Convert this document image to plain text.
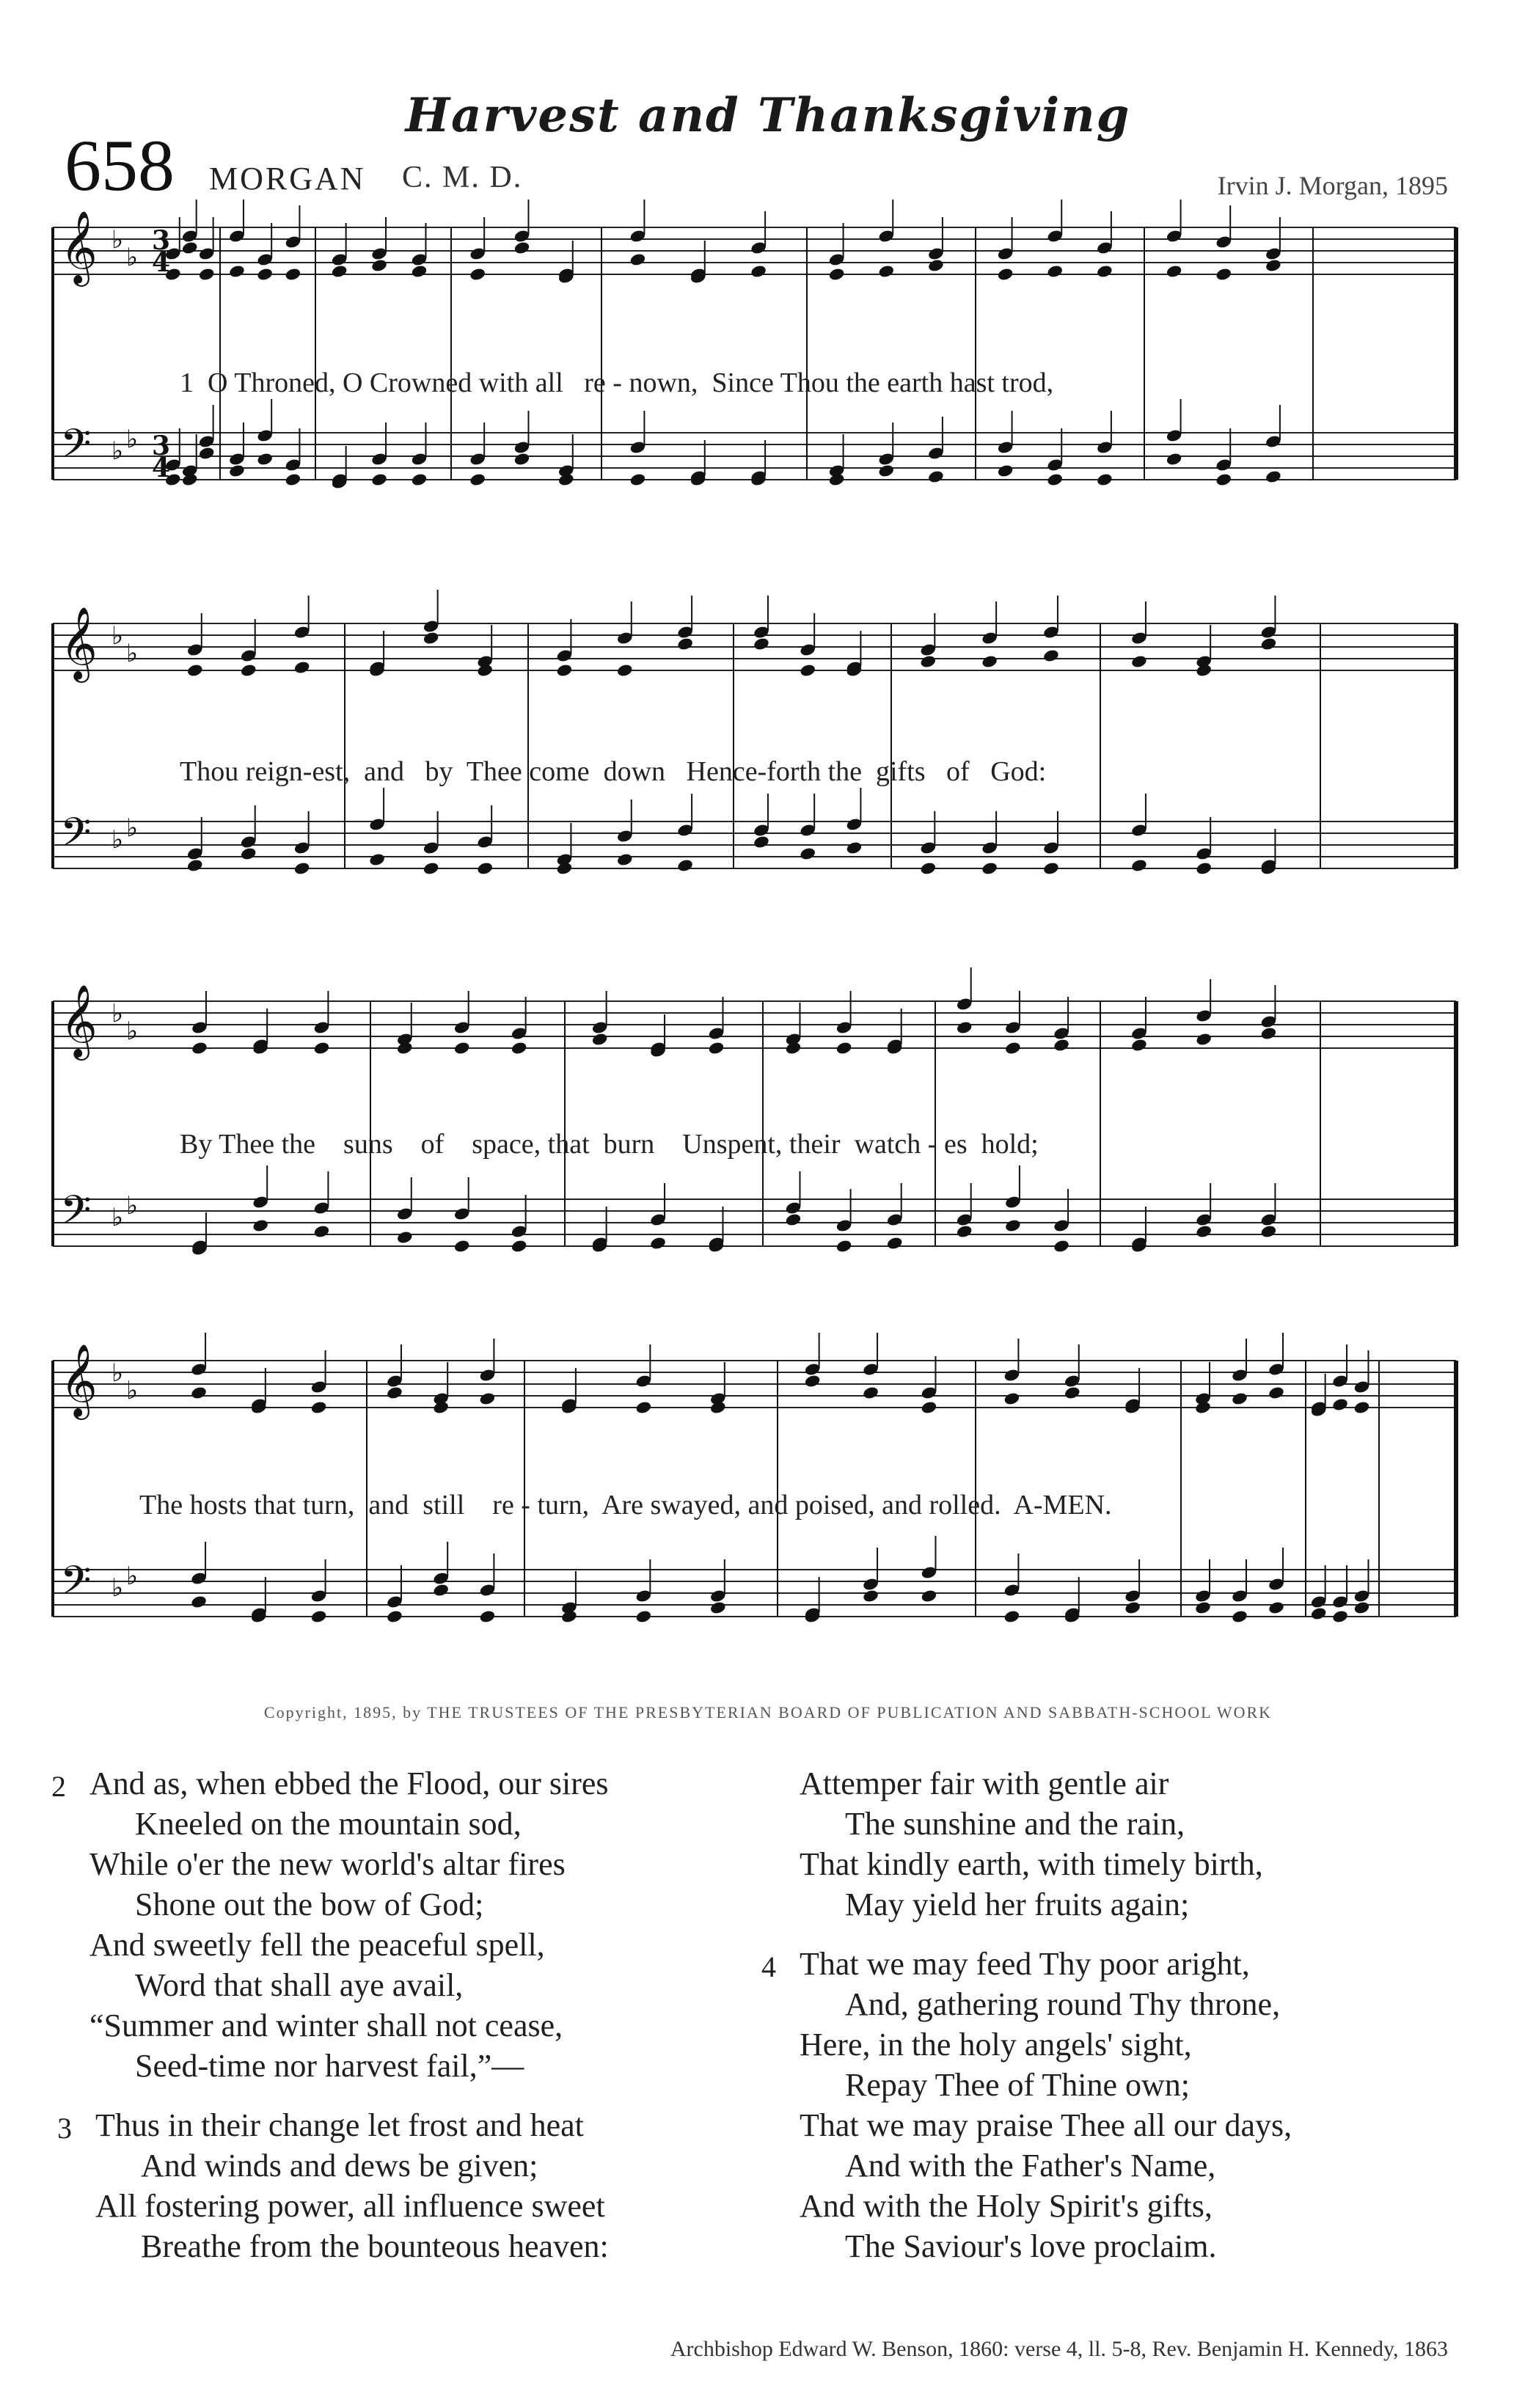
Harvest and Thanksgiving
658 MORGAN C. M. D.	Irvin J. Morgan, 1895
𝄞 ♭
♭
𝄢 ♭ ♭
3
3
4
4
𝄞 ♭
♭
𝄢 ♭ ♭
𝄞 ♭
♭
𝄢 ♭ ♭
𝄞 ♭
♭
𝄢 ♭ ♭
1  O Throned, O Crowned with all   re - nown,  Since Thou the earth hast trod,
Thou reign-est,  and   by  Thee come  down   Hence-forth the  gifts   of   God:
By Thee the    suns    of    space, that  burn    Unspent, their  watch - es  hold;
The hosts that turn,  and  still    re - turn,  Are swayed, and poised, and rolled.  A-MEN.
Copyright, 1895, by THE TRUSTEES OF THE PRESBYTERIAN BOARD OF PUBLICATION AND SABBATH-SCHOOL WORK
2 And as, when ebbed the Flood, our sires
Kneeled on the mountain sod,
While o'er the new world's altar fires
Shone out the bow of God;
And sweetly fell the peaceful spell,
Word that shall aye avail,
“Summer and winter shall not cease,
Seed-time nor harvest fail,”—
3 Thus in their change let frost and heat
And winds and dews be given;
All fostering power, all influence sweet
Breathe from the bounteous heaven:
Attemper fair with gentle air
The sunshine and the rain,
That kindly earth, with timely birth,
May yield her fruits again;
4 That we may feed Thy poor aright,
And, gathering round Thy throne,
Here, in the holy angels' sight,
Repay Thee of Thine own;
That we may praise Thee all our days,
And with the Father's Name,
And with the Holy Spirit's gifts,
The Saviour's love proclaim.
Archbishop Edward W. Benson, 1860: verse 4, ll. 5-8, Rev. Benjamin H. Kennedy, 1863
